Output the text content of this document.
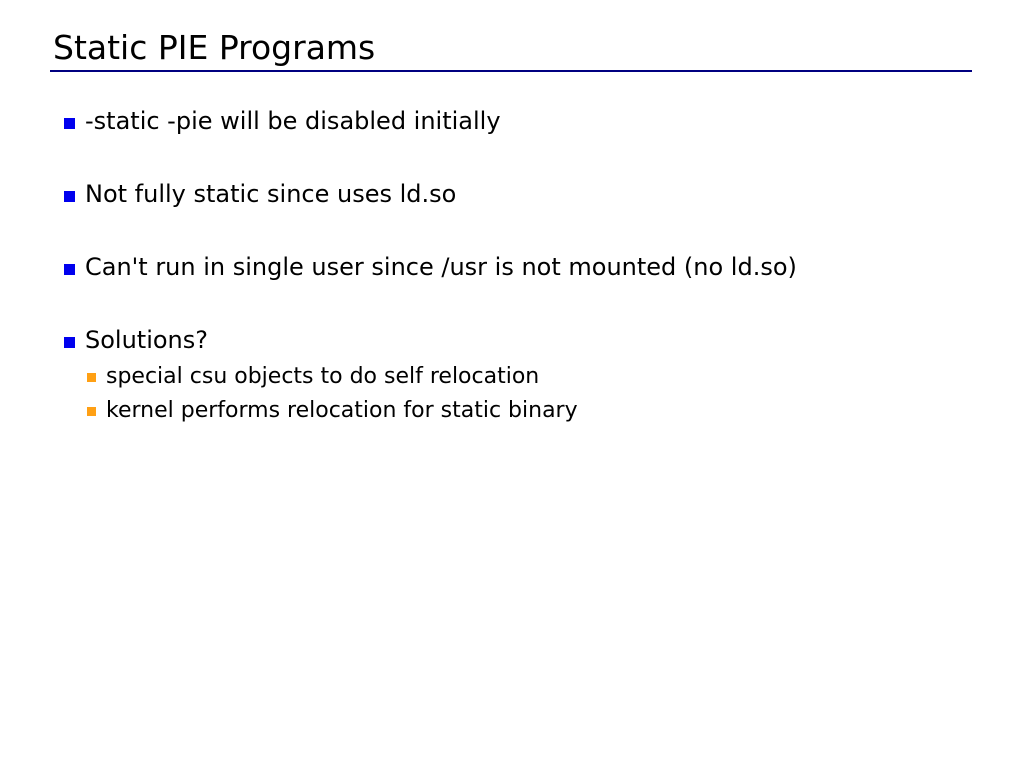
Static PIE Programs
-static -pie will be disabled initially
Not fully static since uses ld.so
Can't run in single user since /usr is not mounted (no ld.so)
Solutions?
special csu objects to do self relocation
kernel performs relocation for static binary
